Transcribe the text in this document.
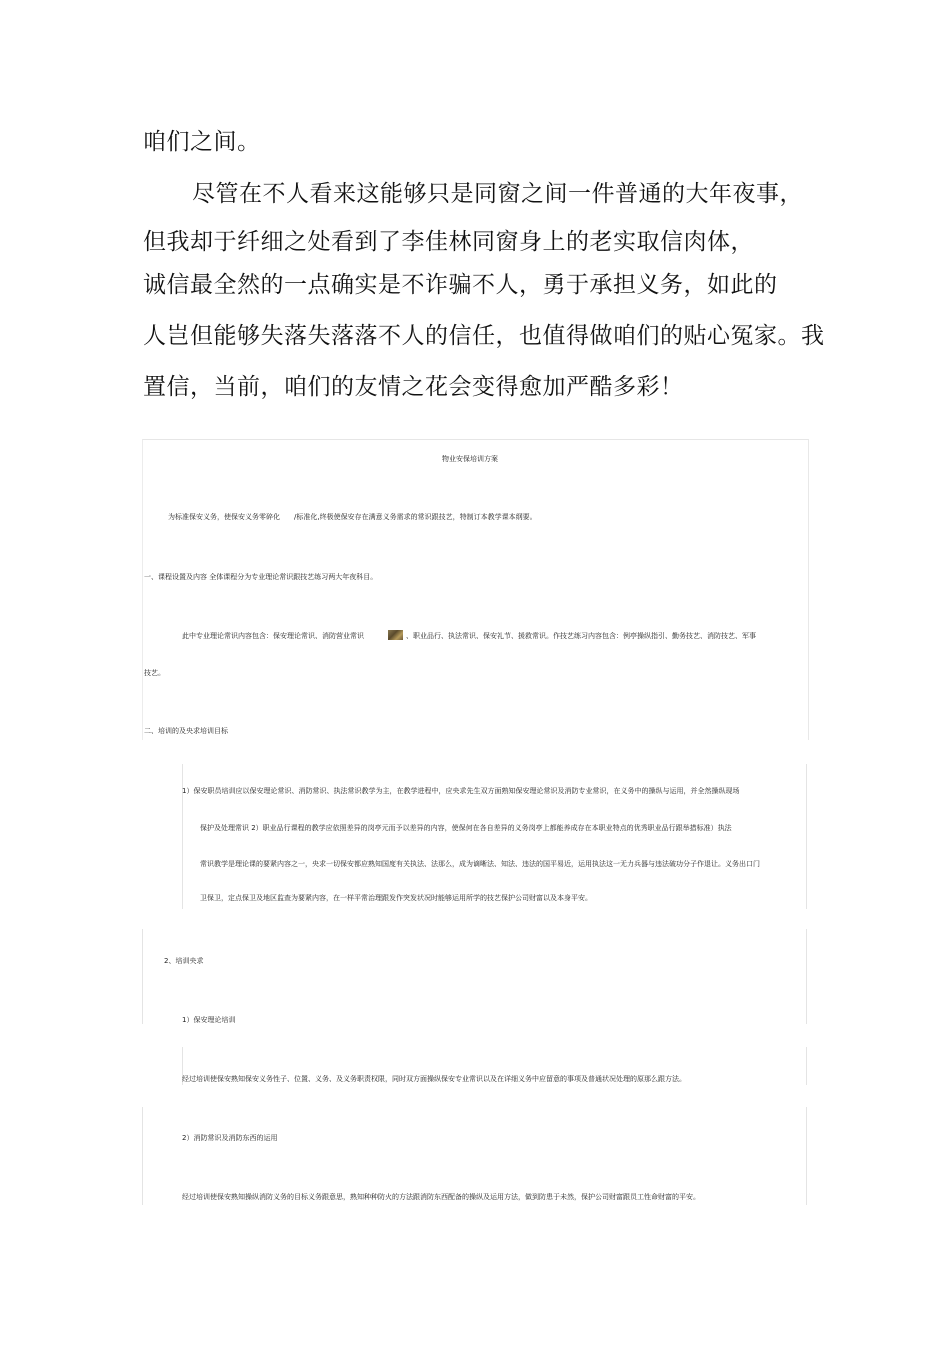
咱们之间。
尽管在不人看来这能够只是同窗之间一件普通的大年夜事，
但我却于纤细之处看到了李佳林同窗身上的老实取信肉体，
诚信最全然的一点确实是不诈骗不人，勇于承担义务，如此的
人岂但能够失落失落落不人的信任，也值得做咱们的贴心冤家。我
置信，当前，咱们的友情之花会变得愈加严酷多彩！
物业安保培训方案
为标准保安义务，使保安义务零碎化 /标准化,终极使保安存在满意义务需求的常识跟技艺，特制订本教学课本纲要。
一、课程设置及内容 全体课程分为专业理论常识跟技艺练习两大年夜科目。
此中专业理论常识内容包含：保安理论常识、消防营业常识	、职业品行、执法常识、保安礼节、援救常识。作技艺练习内容包含：例亭操纵指引、勤务技艺、消防技艺、军事
技艺。
二、培训的及央求培训目标
1）保安职员培训应以保安理论常识、消防常识、执法常识教学为主，在教学进程中，应央求先生双方面熟知保安理论常识及消防专业常识，在义务中的操纵与运用，并全然操纵现场
保护及处理常识 2）职业品行课程的教学应依照差异的岗亭元而予以差异的内容，使保何在各自差异的义务岗亭上都能养成存在本职业特点的优秀职业品行跟举措标准）执法
常识教学是理论课的要紧内容之一，央求一切保安都应熟知国度有关执法、法那么，成为谪晰法、知法、违法的国平易近，运用执法这一无力兵器与违法破功分子作退让。义务出口门
卫保卫，定点保卫及地区监查为要紧内容，在一样平常治理跟发作突发状况时能够运用所学的技艺保护公司财富以及本身平安。
2、培训央求
1）保安理论培训
经过培训使保安熟知保安义务性子、位置、义务、及义务职责权限，同时双方面操纵保安专业常识以及在详细义务中应留意的事项及普通状况处理的原那么跟方法。
2）消防常识及消防东西的运用
经过培训使保安熟知操纵消防义务的目标义务跟意思，熟知种种防火的方法跟消防东西配备的操纵及运用方法，做到防患于未然，保护公司财富跟员工性命财富的平安。
